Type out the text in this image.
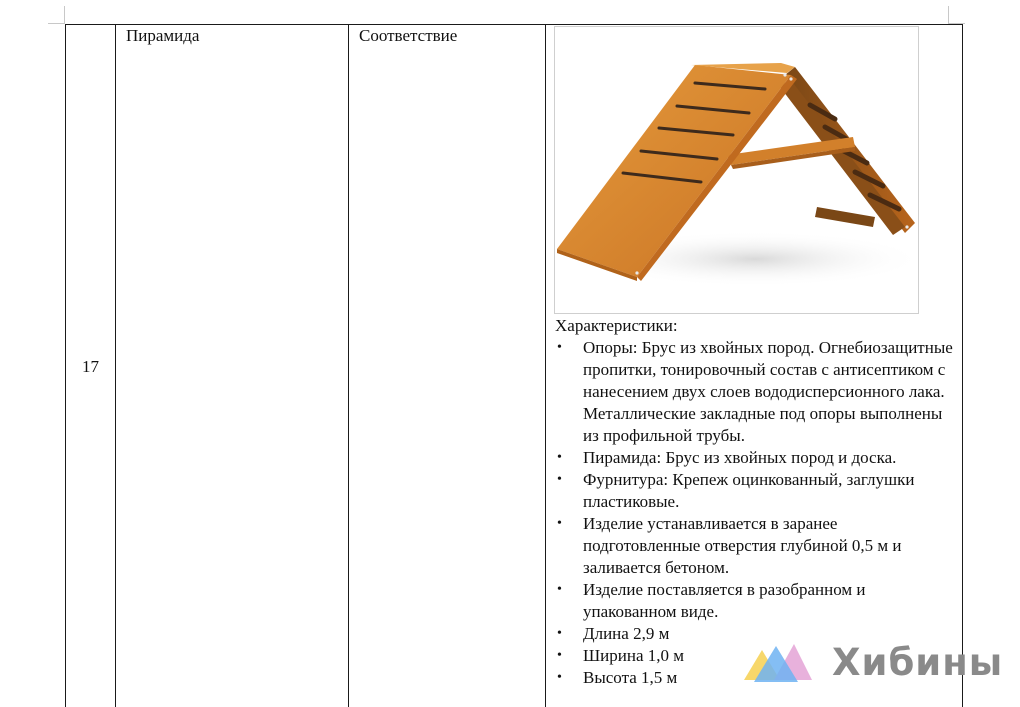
17
Пирамида	Соответствие
Характеристики:
• Опоры: Брус из хвойных пород. Огнебиозащитные пропитки, тонировочный состав с антисептиком с нанесением двух слоев вододисперсионного лака. Металлические закладные под опоры выполнены из профильной трубы.
• Пирамида: Брус из хвойных пород и доска.
• Фурнитура: Крепеж оцинкованный, заглушки пластиковые.
• Изделие устанавливается в заранее подготовленные отверстия глубиной 0,5 м и заливается бетоном.
• Изделие поставляется в разобранном и упакованном виде.
• Длина 2,9 м
• Ширина 1,0 м
• Высота 1,5 м	Хибины
